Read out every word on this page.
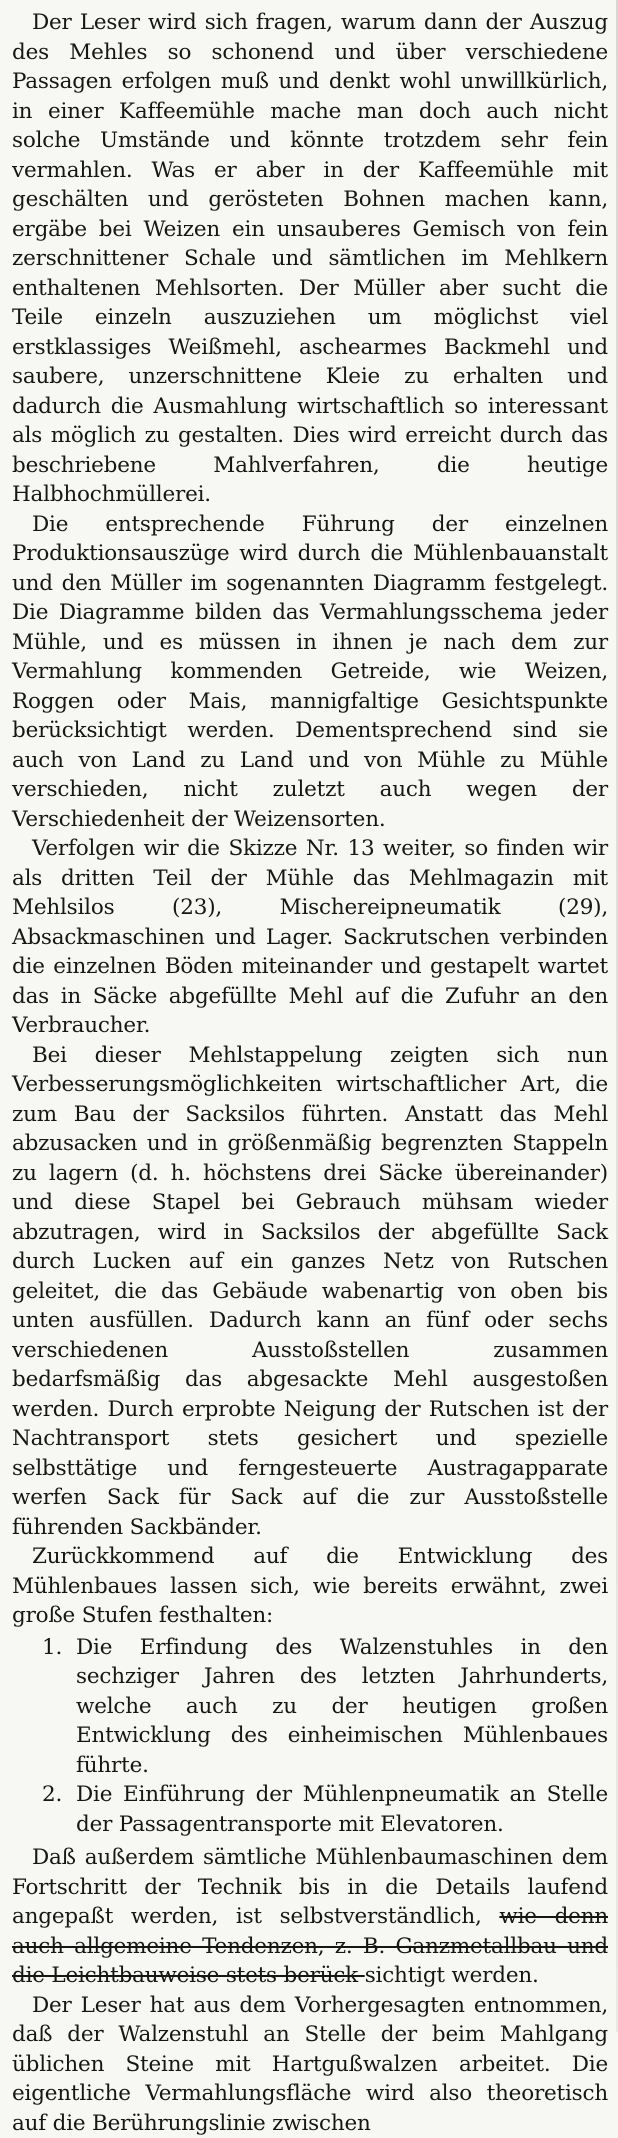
Der Leser wird sich fragen, warum dann der Auszug des Mehles so schonend und über verschiedene Passagen erfolgen muß und denkt wohl unwillkürlich, in einer Kaffeemühle mache man doch auch nicht solche Umstände und könnte trotzdem sehr fein vermahlen. Was er aber in der Kaffeemühle mit geschälten und gerösteten Bohnen machen kann, ergäbe bei Weizen ein unsauberes Gemisch von fein zerschnittener Schale und sämtlichen im Mehlkern enthaltenen Mehlsorten. Der Müller aber sucht die Teile einzeln auszuziehen um möglichst viel erstklassiges Weißmehl, aschearmes Backmehl und saubere, unzerschnittene Kleie zu erhalten und dadurch die Ausmahlung wirtschaftlich so interessant als möglich zu gestalten. Dies wird erreicht durch das beschriebene Mahlverfahren, die heutige Halbhochmüllerei.

Die entsprechende Führung der einzelnen Produktionsauszüge wird durch die Mühlenbauanstalt und den Müller im sogenannten Diagramm festgelegt. Die Diagramme bilden das Vermahlungsschema jeder Mühle, und es müssen in ihnen je nach dem zur Vermahlung kommenden Getreide, wie Weizen, Roggen oder Mais, mannigfaltige Gesichtspunkte berücksichtigt werden. Dementsprechend sind sie auch von Land zu Land und von Mühle zu Mühle verschieden, nicht zuletzt auch wegen der Verschiedenheit der Weizensorten.

Verfolgen wir die Skizze Nr. 13 weiter, so finden wir als dritten Teil der Mühle das Mehlmagazin mit Mehlsilos (23), Mischereipneumatik (29), Absackmaschinen und Lager. Sackrutschen verbinden die einzelnen Böden miteinander und gestapelt wartet das in Säcke abgefüllte Mehl auf die Zufuhr an den Verbraucher.

Bei dieser Mehlstappelung zeigten sich nun Verbesserungsmöglichkeiten wirtschaftlicher Art, die zum Bau der Sacksilos führten. Anstatt das Mehl abzusacken und in größenmäßig begrenzten Stappeln zu lagern (d. h. höchstens drei Säcke übereinander) und diese Stapel bei Gebrauch mühsam wieder abzutragen, wird in Sacksilos der abgefüllte Sack durch Lucken auf ein ganzes Netz von Rutschen geleitet, die das Gebäude wabenartig von oben bis unten ausfüllen. Dadurch kann an fünf oder sechs verschiedenen Ausstoßstellen zusammen bedarfsmäßig das abgesackte Mehl ausgestoßen werden. Durch erprobte Neigung der Rutschen ist der Nachtransport stets gesichert und spezielle selbsttätige und ferngesteuerte Austragapparate werfen Sack für Sack auf die zur Ausstoßstelle führenden Sackbänder.

Zurückkommend auf die Entwicklung des Mühlenbaues lassen sich, wie bereits erwähnt, zwei große Stufen festhalten:

1. Die Erfindung des Walzenstuhles in den sechziger Jahren des letzten Jahrhunderts, welche auch zu der heutigen großen Entwicklung des einheimischen Mühlenbaues führte.
2. Die Einführung der Mühlenpneumatik an Stelle der Passagentransporte mit Elevatoren.

Daß außerdem sämtliche Mühlenbaumaschinen dem Fortschritt der Technik bis in die Details laufend angepaßt werden, ist selbstverständlich, wie denn auch allgemeine Tendenzen, z. B. Ganzmetallbau und die Leichtbauweise stets berück-sichtigt werden.

Der Leser hat aus dem Vorhergesagten entnommen, daß der Walzenstuhl an Stelle der beim Mahlgang üblichen Steine mit Hartgußwalzen arbeitet. Die eigentliche Vermahlungsfläche wird also theoretisch auf die Berührungslinie zwischen
